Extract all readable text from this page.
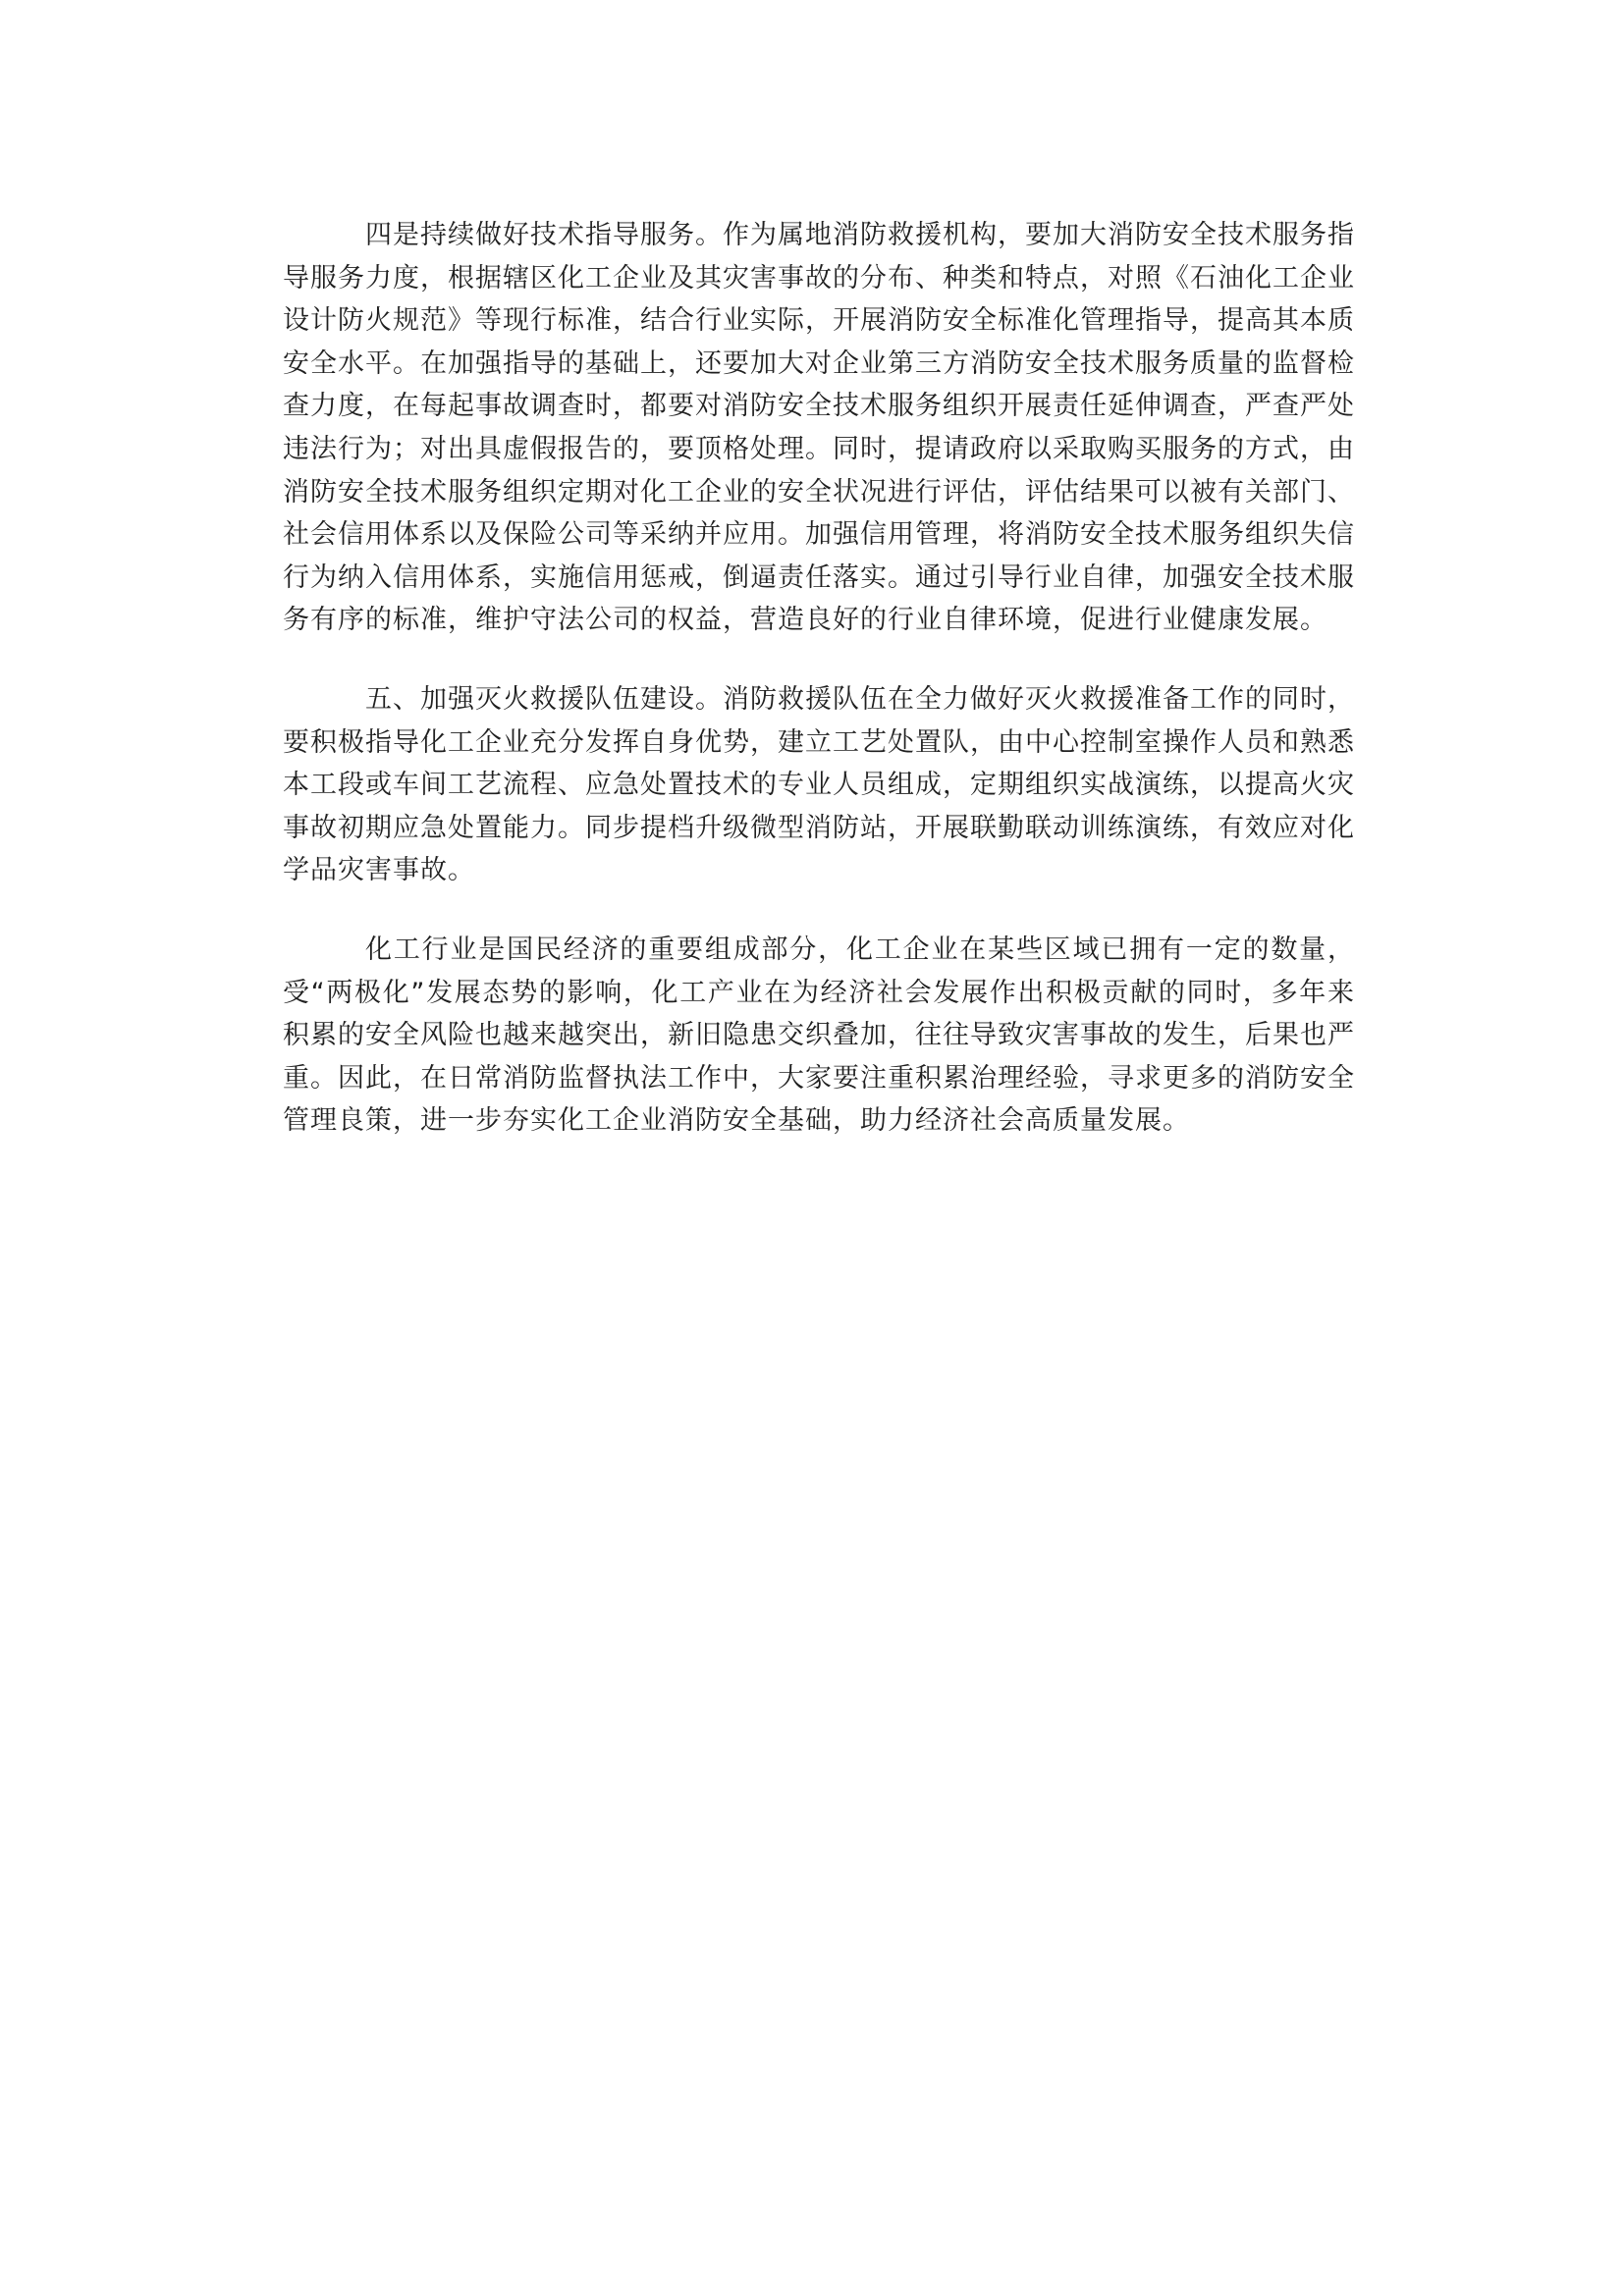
四是持续做好技术指导服务。作为属地消防救援机构，要加大消防安全技术服务指导服务力度，根据辖区化工企业及其灾害事故的分布、种类和特点，对照《石油化工企业设计防火规范》等现行标准，结合行业实际，开展消防安全标准化管理指导，提高其本质安全水平。在加强指导的基础上，还要加大对企业第三方消防安全技术服务质量的监督检查力度，在每起事故调查时，都要对消防安全技术服务组织开展责任延伸调查，严查严处违法行为；对出具虚假报告的，要顶格处理。同时，提请政府以采取购买服务的方式，由消防安全技术服务组织定期对化工企业的安全状况进行评估，评估结果可以被有关部门、社会信用体系以及保险公司等采纳并应用。加强信用管理，将消防安全技术服务组织失信行为纳入信用体系，实施信用惩戒，倒逼责任落实。通过引导行业自律，加强安全技术服务有序的标准，维护守法公司的权益，营造良好的行业自律环境，促进行业健康发展。

五、加强灭火救援队伍建设。消防救援队伍在全力做好灭火救援准备工作的同时，要积极指导化工企业充分发挥自身优势，建立工艺处置队，由中心控制室操作人员和熟悉本工段或车间工艺流程、应急处置技术的专业人员组成，定期组织实战演练，以提高火灾事故初期应急处置能力。同步提档升级微型消防站，开展联勤联动训练演练，有效应对化学品灾害事故。

化工行业是国民经济的重要组成部分，化工企业在某些区域已拥有一定的数量，受“两极化”发展态势的影响，化工产业在为经济社会发展作出积极贡献的同时，多年来积累的安全风险也越来越突出，新旧隐患交织叠加，往往导致灾害事故的发生，后果也严重。因此，在日常消防监督执法工作中，大家要注重积累治理经验，寻求更多的消防安全管理良策，进一步夯实化工企业消防安全基础，助力经济社会高质量发展。
